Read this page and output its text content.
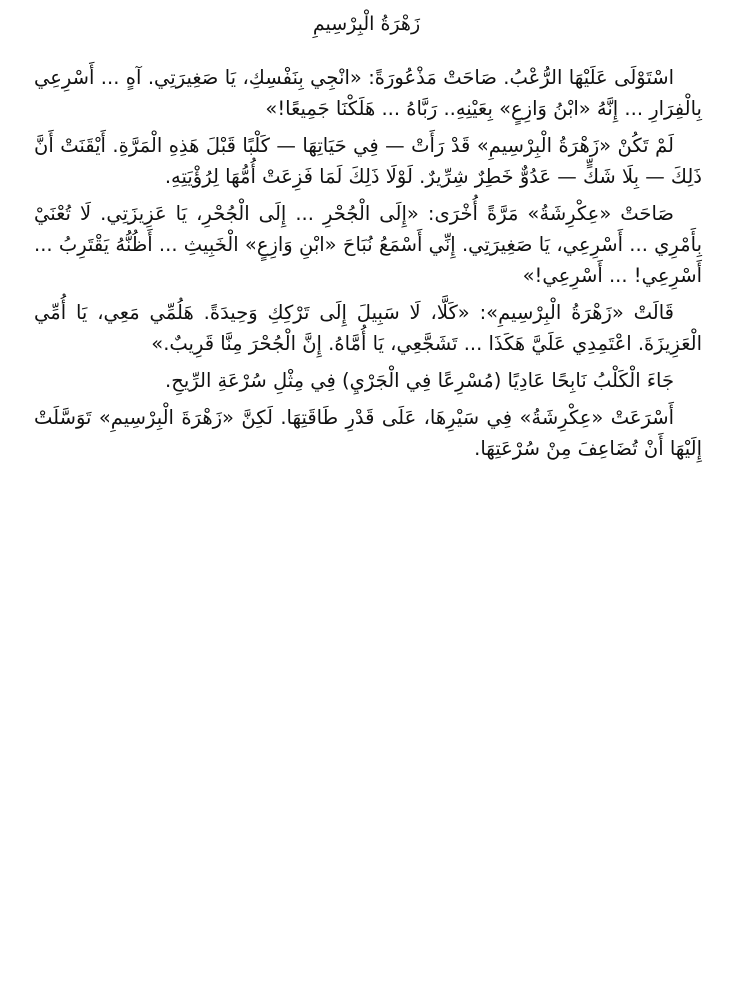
زَهْرَةُ الْبِرْسِيمِ

اسْتَوْلَى عَلَيْهَا الرُّعْبُ. صَاحَتْ مَذْعُورَةً: «انْجِي بِنَفْسِكِ، يَا صَغِيرَتِي. آهٍ ... أَسْرِعِي بِالْفِرَارِ ... إِنَّهُ «ابْنُ وَازِعٍ» بِعَيْنِهِ.. رَبَّاهُ ... هَلَكْنَا جَمِيعًا!»

لَمْ تَكُنْ «زَهْرَةُ الْبِرْسِيمِ» قَدْ رَأَتْ — فِي حَيَاتِهَا — كَلْبًا قَبْلَ هَذِهِ الْمَرَّةِ. أَيْقَنَتْ أَنَّ ذَلِكَ — بِلَا شَكٍّ — عَدُوٌّ خَطِرٌ شِرِّيرٌ. لَوْلَا ذَلِكَ لَمَا فَزِعَتْ أُمُّهَا لِرُؤْيَتِهِ.

صَاحَتْ «عِكْرِشَةُ» مَرَّةً أُخْرَى: «إِلَى الْجُحْرِ ... إِلَى الْجُحْرِ، يَا عَزِيزَتِي. لَا تُعْنَيْ بِأَمْرِي ... أَسْرِعِي، يَا صَغِيرَتِي. إِنِّي أَسْمَعُ نُبَاحَ «ابْنِ وَازِعٍ» الْخَبِيثِ ... أَظُنُّهُ يَقْتَرِبُ ... أَسْرِعِي! ... أَسْرِعِي!»

قَالَتْ «زَهْرَةُ الْبِرْسِيمِ»: «كَلَّا، لَا سَبِيلَ إِلَى تَرْكِكِ وَحِيدَةً. هَلُمِّي مَعِي، يَا أُمِّي الْعَزِيزَةَ. اعْتَمِدِي عَلَيَّ هَكَذَا ... تَشَجَّعِي، يَا أُمَّاهُ. إِنَّ الْجُحْرَ مِنَّا قَرِيبٌ.»

جَاءَ الْكَلْبُ نَابِحًا عَادِيًا (مُسْرِعًا فِي الْجَرْيِ) فِي مِثْلِ سُرْعَةِ الرِّيحِ.

أَسْرَعَتْ «عِكْرِشَةُ» فِي سَيْرِهَا، عَلَى قَدْرِ طَاقَتِهَا. لَكِنَّ «زَهْرَةَ الْبِرْسِيمِ» تَوَسَّلَتْ إِلَيْهَا أَنْ تُضَاعِفَ مِنْ سُرْعَتِهَا.
